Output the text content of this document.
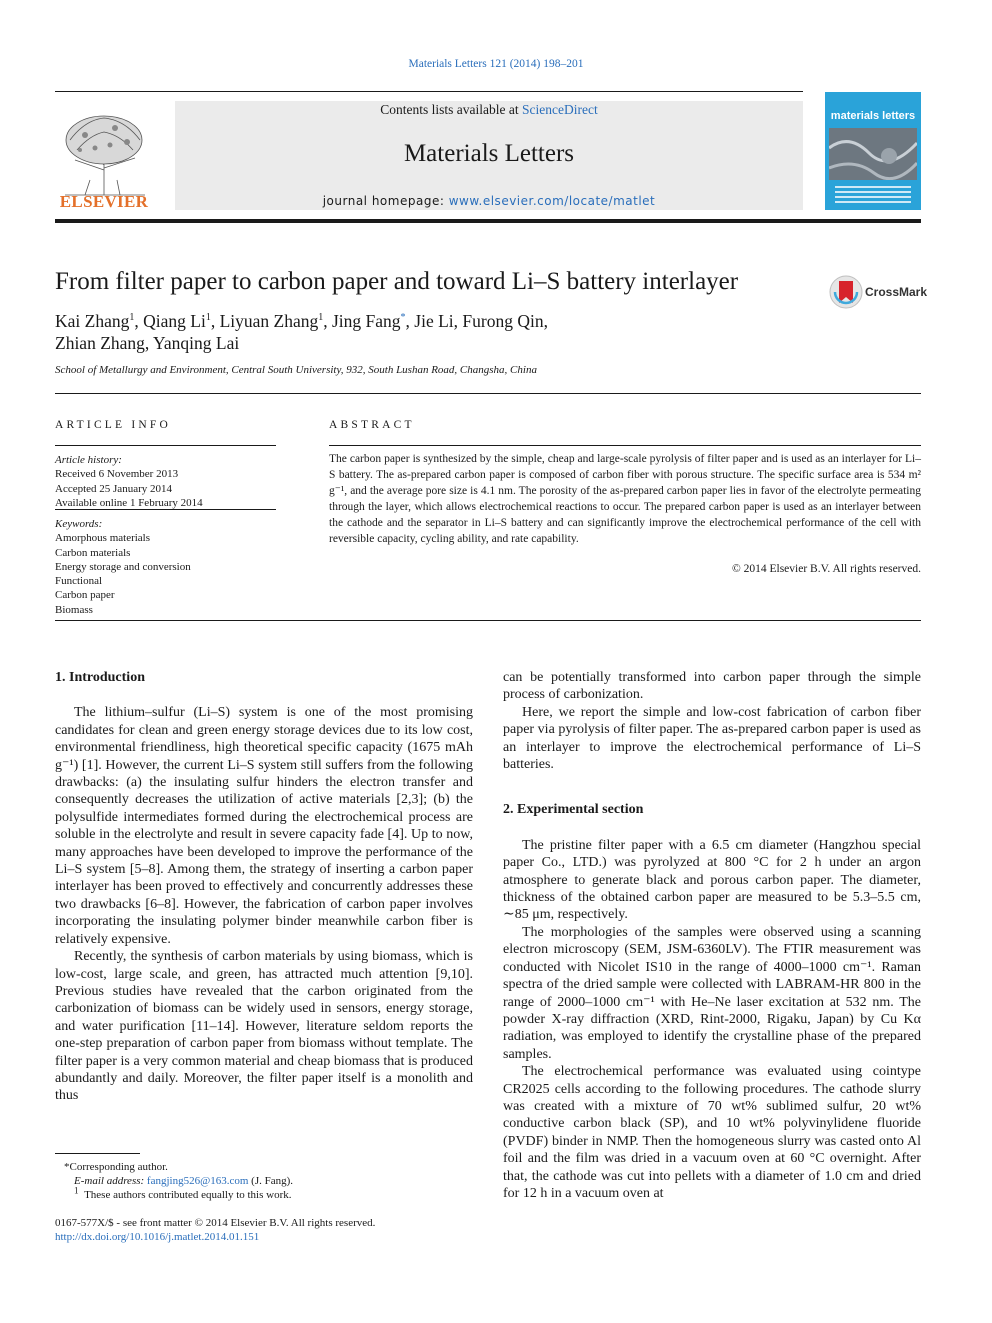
Materials Letters 121 (2014) 198–201
ELSEVIER
Contents lists available at ScienceDirect
Materials Letters
journal homepage: www.elsevier.com/locate/matlet
materials letters
From filter paper to carbon paper and toward Li–S battery interlayer	CrossMark
Kai Zhang$^1$, Qiang Li$^1$, Liyuan Zhang$^1$, Jing Fang*, Jie Li, Furong Qin,
Zhian Zhang, Yanqing Lai
School of Metallurgy and Environment, Central South University, 932, South Lushan Road, Changsha, China
ARTICLE INFO
Article history:
Received 6 November 2013
Accepted 25 January 2014
Available online 1 February 2014
Keywords:
Amorphous materials
Carbon materials
Energy storage and conversion
Functional
Carbon paper
Biomass
ABSTRACT
The carbon paper is synthesized by the simple, cheap and large-scale pyrolysis of filter paper and is used as an interlayer for Li–S battery. The as-prepared carbon paper is composed of carbon fiber with porous structure. The specific surface area is 534 m² g⁻¹, and the average pore size is 4.1 nm. The porosity of the as-prepared carbon paper lies in favor of the electrolyte permeating through the layer, which allows electrochemical reactions to occur. The prepared carbon paper is used as an interlayer between the cathode and the separator in Li–S battery and can significantly improve the electrochemical performance of the cell with reversible capacity, cycling ability, and rate capability.
© 2014 Elsevier B.V. All rights reserved.
1. Introduction

The lithium–sulfur (Li–S) system is one of the most promising candidates for clean and green energy storage devices due to its low cost, environmental friendliness, high theoretical specific capacity (1675 mAh g⁻¹) [1]. However, the current Li–S system still suffers from the following drawbacks: (a) the insulating sulfur hinders the electron transfer and consequently decreases the utilization of active materials [2,3]; (b) the polysulfide intermediates formed during the electrochemical process are soluble in the electrolyte and result in severe capacity fade [4]. Up to now, many approaches have been developed to improve the performance of the Li–S system [5–8]. Among them, the strategy of inserting a carbon paper interlayer has been proved to effectively and concurrently addresses these two drawbacks [6–8]. However, the fabrication of carbon paper involves incorporating the insulating polymer binder meanwhile carbon fiber is relatively expensive.

Recently, the synthesis of carbon materials by using biomass, which is low-cost, large scale, and green, has attracted much attention [9,10]. Previous studies have revealed that the carbon originated from the carbonization of biomass can be widely used in sensors, energy storage, and water purification [11–14]. However, literature seldom reports the one-step preparation of carbon paper from biomass without template. The filter paper is a very common material and cheap biomass that is produced abundantly and daily. Moreover, the filter paper itself is a monolith and thus

can be potentially transformed into carbon paper through the simple process of carbonization.

Here, we report the simple and low-cost fabrication of carbon fiber paper via pyrolysis of filter paper. The as-prepared carbon paper is used as an interlayer to improve the electrochemical performance of Li–S batteries.

2. Experimental section

The pristine filter paper with a 6.5 cm diameter (Hangzhou special paper Co., LTD.) was pyrolyzed at 800 °C for 2 h under an argon atmosphere to generate black and porous carbon paper. The diameter, thickness of the obtained carbon paper are measured to be 5.3–5.5 cm, ∼85 μm, respectively.

The morphologies of the samples were observed using a scanning electron microscopy (SEM, JSM-6360LV). The FTIR measurement was conducted with Nicolet IS10 in the range of 4000–1000 cm⁻¹. Raman spectra of the dried sample were collected with LABRAM-HR 800 in the range of 2000–1000 cm⁻¹ with He–Ne laser excitation at 532 nm. The powder X-ray diffraction (XRD, Rint-2000, Rigaku, Japan) by Cu Kα radiation, was employed to identify the crystalline phase of the prepared samples.

The electrochemical performance was evaluated using cointype CR2025 cells according to the following procedures. The cathode slurry was created with a mixture of 70 wt% sublimed sulfur, 20 wt% conductive carbon black (SP), and 10 wt% polyvinylidene fluoride (PVDF) binder in NMP. Then the homogeneous slurry was casted onto Al foil and the film was dried in a vacuum oven at 60 °C overnight. After that, the cathode was cut into pellets with a diameter of 1.0 cm and dried for 12 h in a vacuum oven at

*Corresponding author.
E-mail address: fangjing526@163.com (J. Fang).
$^1$ These authors contributed equally to this work.
0167-577X/$ - see front matter © 2014 Elsevier B.V. All rights reserved.
http://dx.doi.org/10.1016/j.matlet.2014.01.151
